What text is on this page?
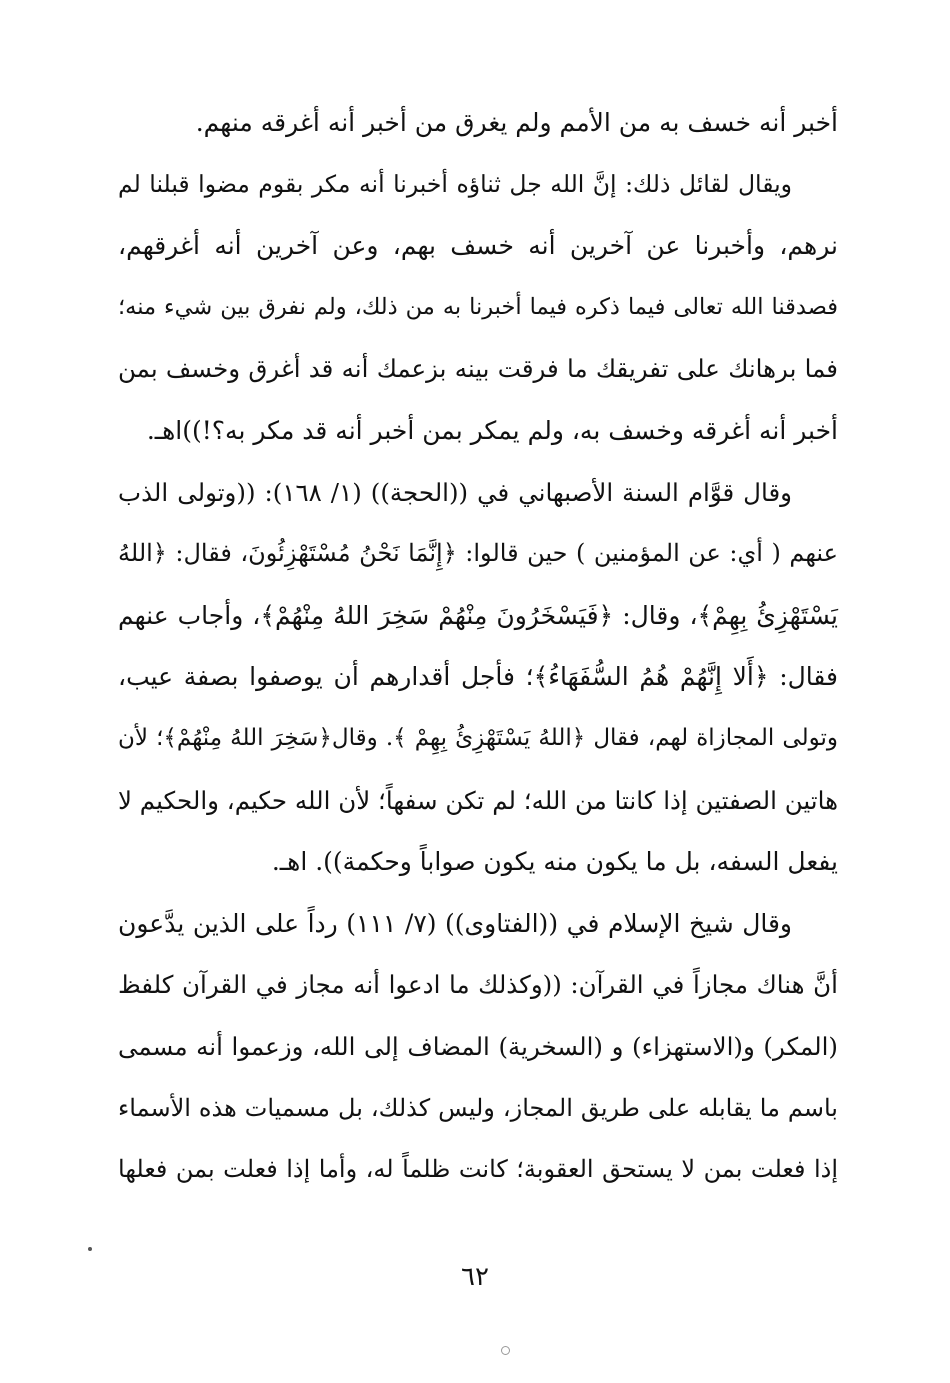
أخبر أنه خسف به من الأمم ولم يغرق من أخبر أنه أغرقه منهم.
ويقال لقائل ذلك: إنَّ الله جل ثناؤه أخبرنا أنه مكر بقوم مضوا قبلنا لم
نرهم، وأخبرنا عن آخرين أنه خسف بهم، وعن آخرين أنه أغرقهم،
فصدقنا الله تعالى فيما ذكره فيما أخبرنا به من ذلك، ولم نفرق بين شيء منه؛
فما برهانك على تفريقك ما فرقت بينه بزعمك أنه قد أغرق وخسف بمن
أخبر أنه أغرقه وخسف به، ولم يمكر بمن أخبر أنه قد مكر به؟!))اهـ.
وقال قوَّام السنة الأصبهاني في ((الحجة)) (١/ ١٦٨): ((وتولى الذب
عنهم ( أي: عن المؤمنين ) حين قالوا: ﴿إِنَّمَا نَحْنُ مُسْتَهْزِئُونَ، فقال: ﴿اللهُ
يَسْتَهْزِئُ بِهِمْ﴾، وقال: ﴿فَيَسْخَرُونَ مِنْهُمْ سَخِرَ اللهُ مِنْهُمْ﴾، وأجاب عنهم
فقال: ﴿أَلا إِنَّهُمْ هُمُ السُّفَهَاءُ﴾؛ فأجل أقدارهم أن يوصفوا بصفة عيب،
وتولى المجازاة لهم، فقال ﴿اللهُ يَسْتَهْزِئُ بِهِمْ ﴾. وقال﴿سَخِرَ اللهُ مِنْهُمْ﴾؛ لأن
هاتين الصفتين إذا كانتا من الله؛ لم تكن سفهاً؛ لأن الله حكيم، والحكيم لا
يفعل السفه، بل ما يكون منه يكون صواباً وحكمة)). اهـ.
وقال شيخ الإسلام في ((الفتاوى)) (٧/ ١١١) رداً على الذين يدَّعون
أنَّ هناك مجازاً في القرآن: ((وكذلك ما ادعوا أنه مجاز في القرآن كلفظ
(المكر) و(الاستهزاء) و (السخرية) المضاف إلى الله، وزعموا أنه مسمى
باسم ما يقابله على طريق المجاز، وليس كذلك، بل مسميات هذه الأسماء
إذا فعلت بمن لا يستحق العقوبة؛ كانت ظلماً له، وأما إذا فعلت بمن فعلها
٦٢
